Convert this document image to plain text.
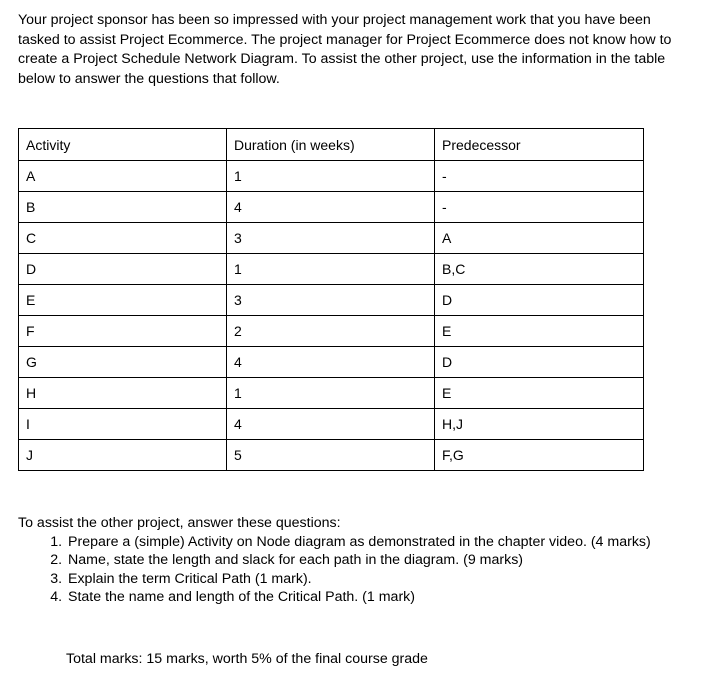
Your project sponsor has been so impressed with your project management work that you have been tasked to assist Project Ecommerce. The project manager for Project Ecommerce does not know how to create a Project Schedule Network Diagram. To assist the other project, use the information in the table below to answer the questions that follow.

Activity	Duration (in weeks)	Predecessor
A	1	-
B	4	-
C	3	A
D	1	B,C
E	3	D
F	2	E
G	4	D
H	1	E
I	4	H,J
J	5	F,G

To assist the other project, answer these questions:

1. Prepare a (simple) Activity on Node diagram as demonstrated in the chapter video. (4 marks)
2. Name, state the length and slack for each path in the diagram. (9 marks)
3. Explain the term Critical Path (1 mark).
4. State the name and length of the Critical Path. (1 mark)

Total marks: 15 marks, worth 5% of the final course grade
